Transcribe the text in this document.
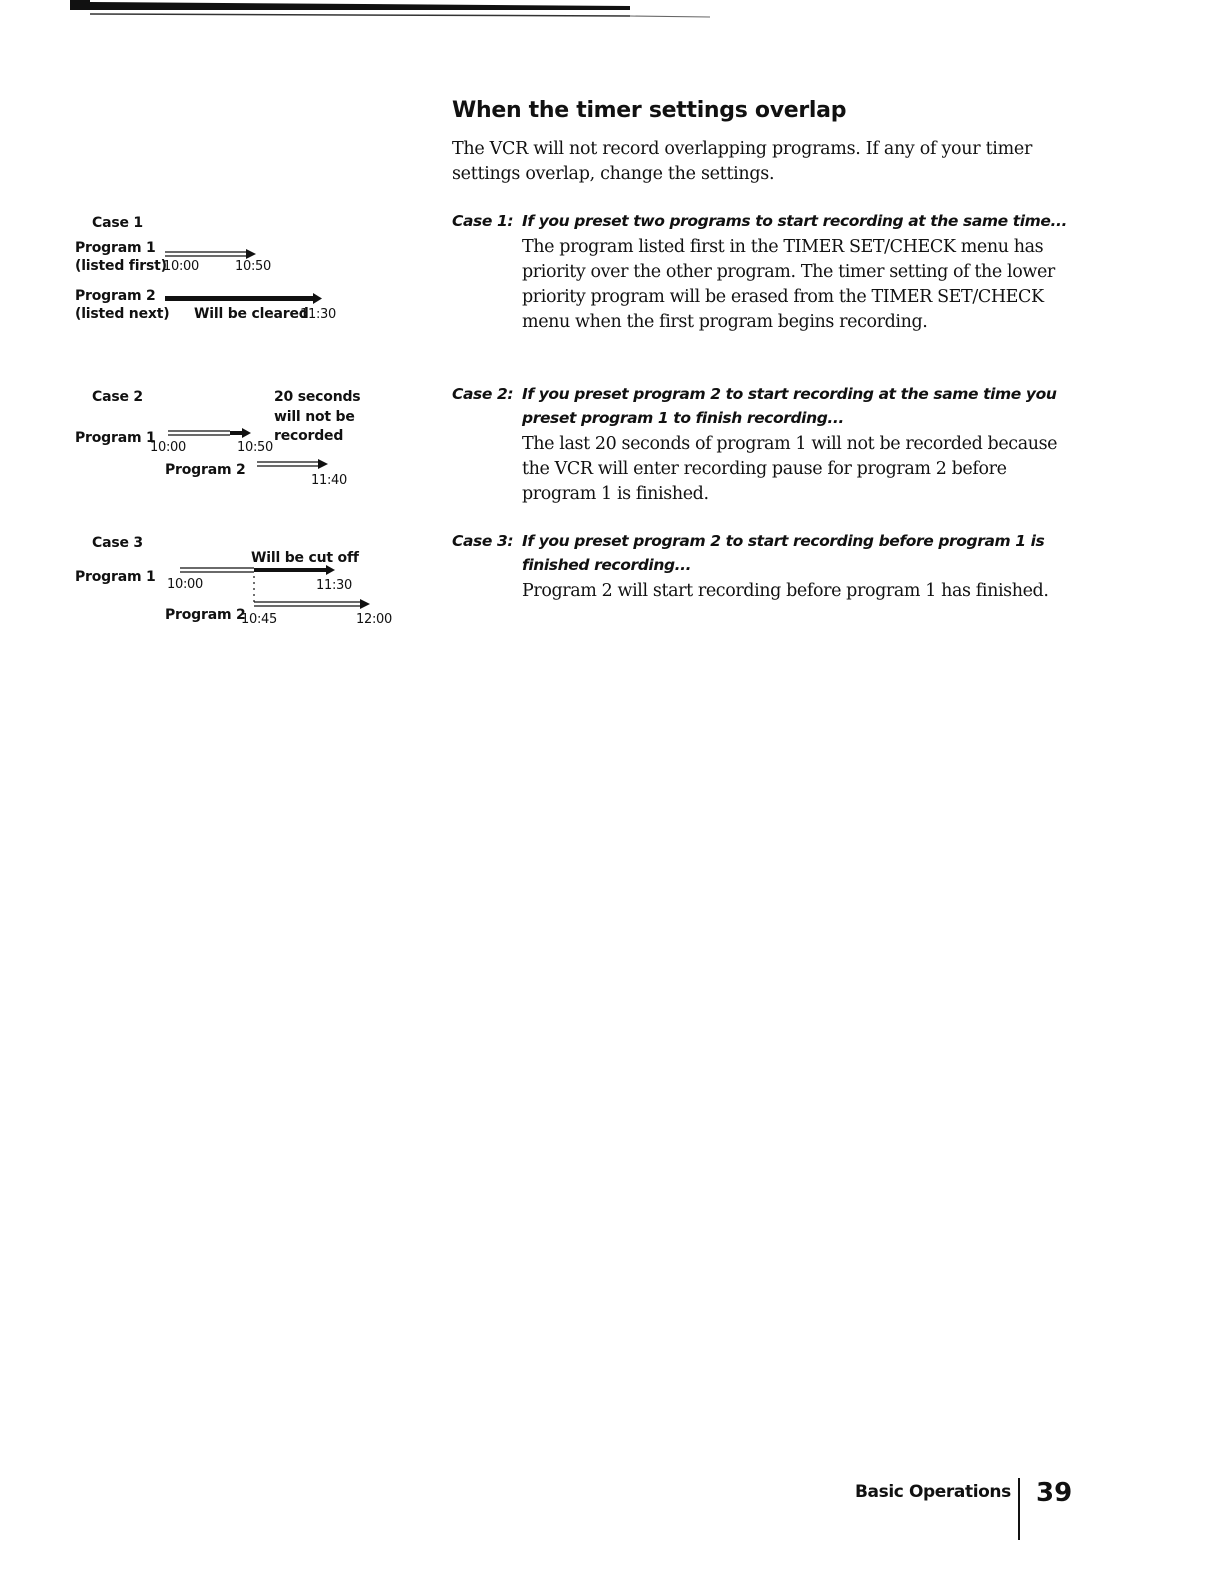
Case 1
Program 1
(listed first)
10:00	10:50
Program 2
(listed next) Will be cleared
11:30
Case 2	20 seconds
will not be
recorded
Program 1
10:00	10:50
Program 2
11:40
Case 3
Will be cut off
Program 1 10:00	11:30
Program 2
10:45	12:00
When the timer settings overlap

The VCR will not record overlapping programs. If any of your timer settings overlap, change the settings.

Case 1: If you preset two programs to start recording at the same time...
The program listed first in the TIMER SET/CHECK menu has priority over the other program. The timer setting of the lower priority program will be erased from the TIMER SET/CHECK menu when the first program begins recording.
Case 2: If you preset program 2 to start recording at the same time you preset program 1 to finish recording...
The last 20 seconds of program 1 will not be recorded because the VCR will enter recording pause for program 2 before program 1 is finished.
Case 3: If you preset program 2 to start recording before program 1 is finished recording...
Program 2 will start recording before program 1 has finished.
Basic Operations 39
